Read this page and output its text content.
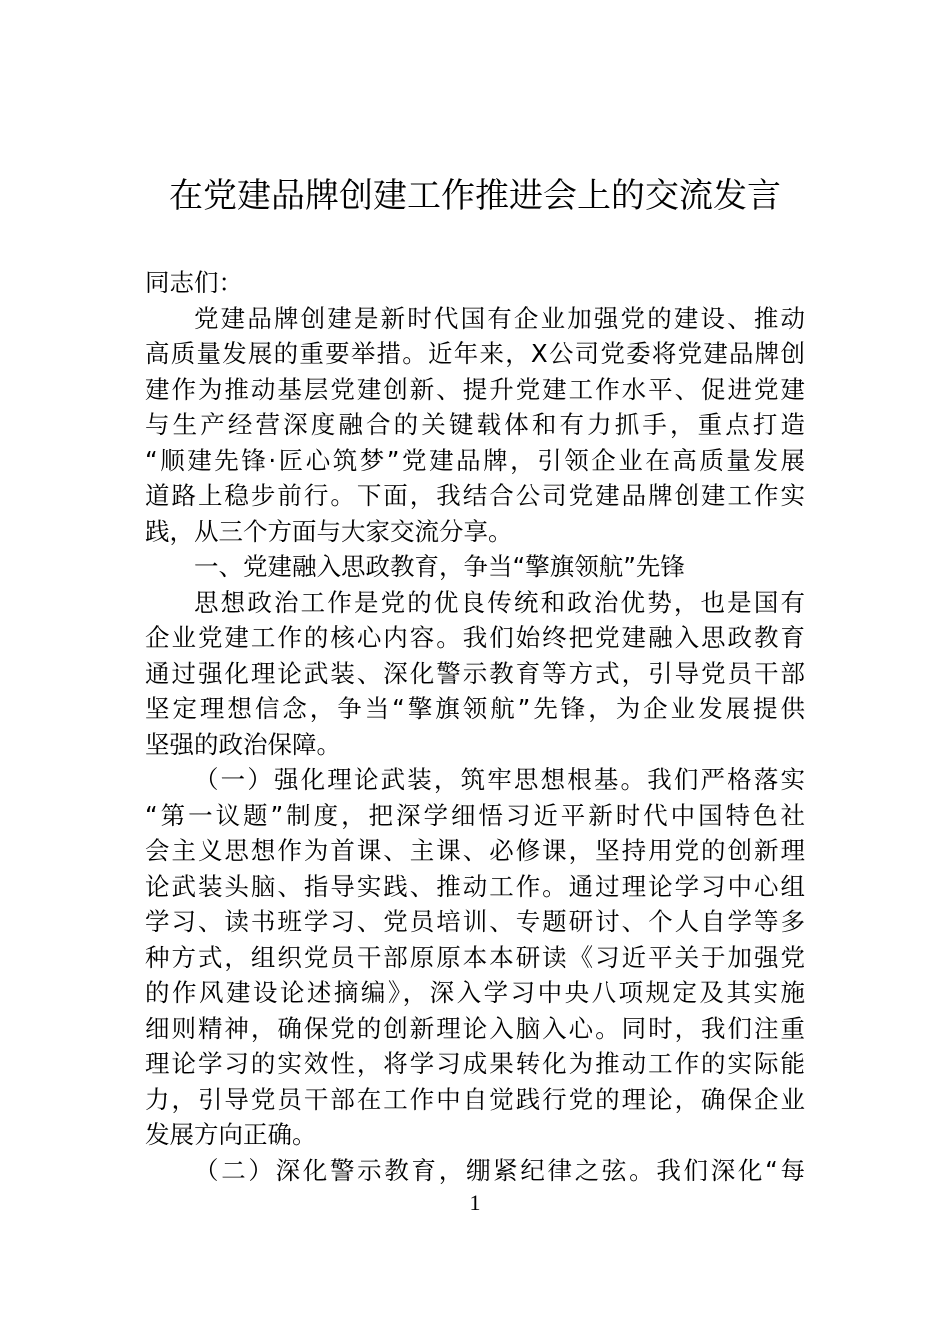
在党建品牌创建工作推进会上的交流发言
同志们：
党建品牌创建是新时代国有企业加强党的建设、推动
高质量发展的重要举措。近年来，X公司党委将党建品牌创
建作为推动基层党建创新、提升党建工作水平、促进党建
与生产经营深度融合的关键载体和有力抓手，重点打造
“顺建先锋·匠心筑梦”党建品牌，引领企业在高质量发展
道路上稳步前行。下面，我结合公司党建品牌创建工作实
践，从三个方面与大家交流分享。
一、党建融入思政教育，争当“擎旗领航”先锋
思想政治工作是党的优良传统和政治优势，也是国有
企业党建工作的核心内容。我们始终把党建融入思政教育
通过强化理论武装、深化警示教育等方式，引导党员干部
坚定理想信念，争当“擎旗领航”先锋，为企业发展提供
坚强的政治保障。
（一）强化理论武装，筑牢思想根基。我们严格落实
“第一议题”制度，把深学细悟习近平新时代中国特色社
会主义思想作为首课、主课、必修课，坚持用党的创新理
论武装头脑、指导实践、推动工作。通过理论学习中心组
学习、读书班学习、党员培训、专题研讨、个人自学等多
种方式，组织党员干部原原本本研读《习近平关于加强党
的作风建设论述摘编》，深入学习中央八项规定及其实施
细则精神，确保党的创新理论入脑入心。同时，我们注重
理论学习的实效性，将学习成果转化为推动工作的实际能
力，引导党员干部在工作中自觉践行党的理论，确保企业
发展方向正确。
（二）深化警示教育，绷紧纪律之弦。我们深化“每
1
